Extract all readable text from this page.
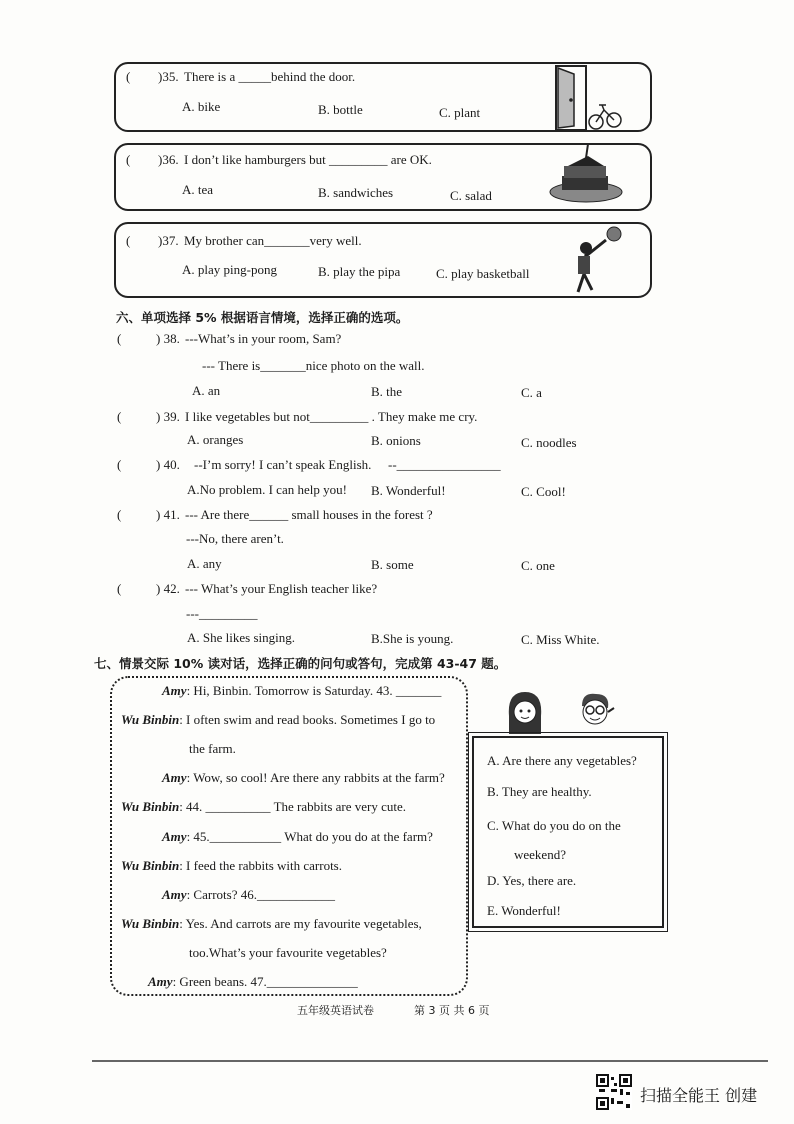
( )35. There is a _____behind the door.
A. bike	B. bottle	C. plant
( )36. I don’t like hamburgers but _________ are OK.
A. tea	B. sandwiches	C. salad
( )37. My brother can_______very well.
A. play ping-pong	B. play the pipa	C. play basketball
六、单项选择 5% 根据语言情境，选择正确的选项。
(	) 38. ---What’s in your room, Sam?
--- There is_______nice photo on the wall.
A. an	B. the	C. a
(	) 39. I like vegetables but not_________ . They make me cry.
A. oranges	B. onions	C. noodles
(	) 40. --I’m sorry! I can’t speak English. --________________
A.No problem. I can help you! B. Wonderful!	C. Cool!
(	) 41. --- Are there______ small houses in the forest ?
---No, there aren’t.
A. any	B. some	C. one
(	) 42. --- What’s your English teacher like?
---_________
A. She likes singing.	B.She is young.	C. Miss White.
七、情景交际 10% 读对话，选择正确的问句或答句，完成第 43-47 题。
Amy: Hi, Binbin. Tomorrow is Saturday. 43. _______
Wu Binbin: I often swim and read books. Sometimes I go to
the farm.
Amy: Wow, so cool! Are there any rabbits at the farm?
Wu Binbin: 44. __________ The rabbits are very cute.
Amy: 45.___________ What do you do at the farm?
Wu Binbin: I feed the rabbits with carrots.
Amy: Carrots? 46.____________
Wu Binbin: Yes. And carrots are my favourite vegetables,
too.What’s your favourite vegetables?
Amy: Green beans. 47.______________
A. Are there any vegetables?
B. They are healthy.
C. What do you do on the
weekend?
D. Yes, there are.
E. Wonderful!
五年级英语试卷	第 3 页 共 6 页
扫描全能王 创建
